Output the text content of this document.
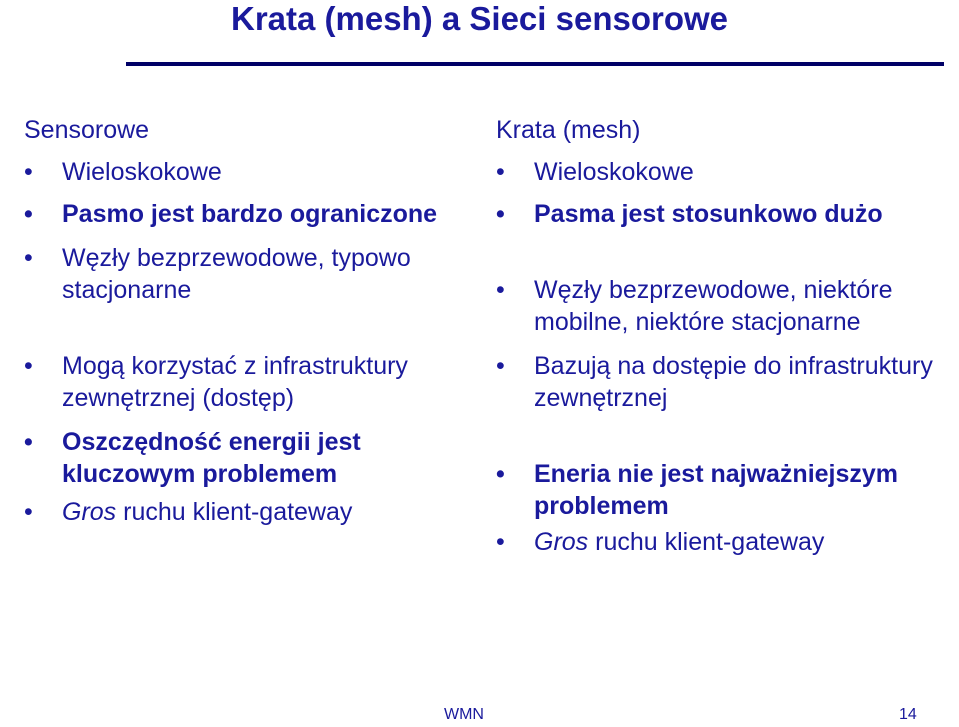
Krata (mesh) a Sieci sensorowe
Sensorowe
• Wieloskokowe
• Pasmo jest bardzo ograniczone
• Węzły bezprzewodowe, typowo stacjonarne
• Mogą korzystać z infrastruktury zewnętrznej (dostęp)
• Oszczędność energii jest kluczowym problemem
• Gros ruchu klient-gateway
Krata (mesh)
• Wieloskokowe
• Pasma jest stosunkowo dużo
• Węzły bezprzewodowe, niektóre mobilne, niektóre stacjonarne
• Bazują na dostępie do infrastruktury zewnętrznej
• Eneria nie jest najważniejszym problemem
• Gros ruchu klient-gateway
WMN	14
